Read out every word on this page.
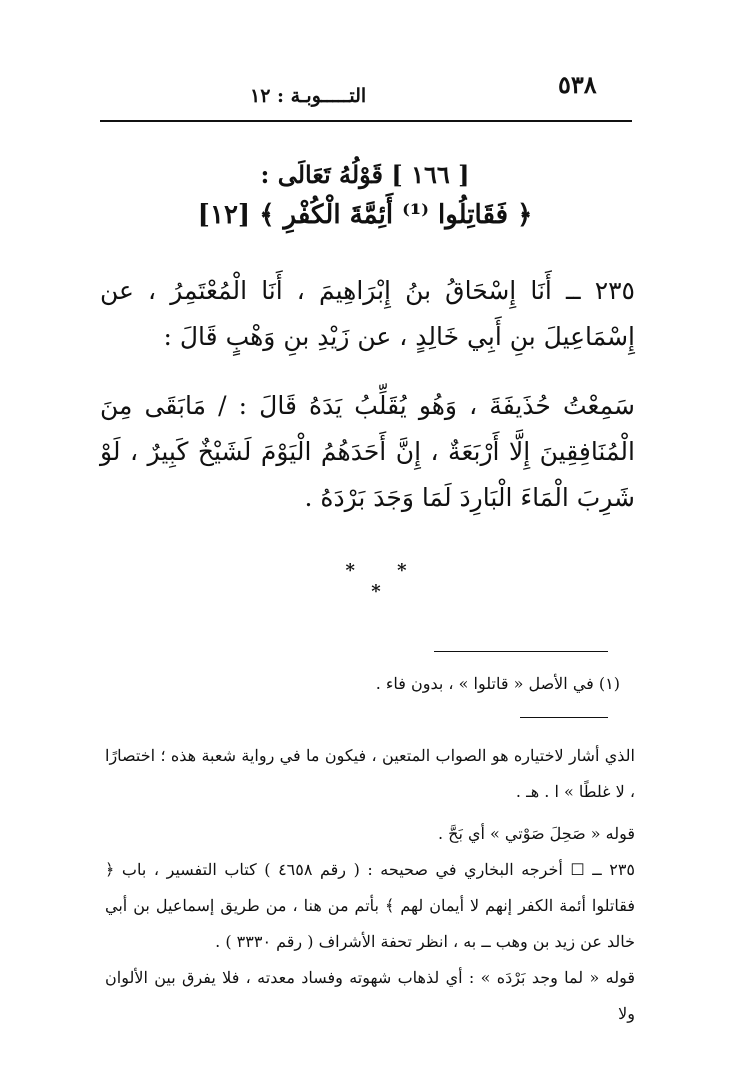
٥٣٨
التـــــوبـة : ١٢
[ ١٦٦ ] قَوْلُهُ تَعَالَى :
﴿ فَقَاتِلُوا ⁽¹⁾ أَئِمَّةَ الْكُفْرِ ﴾ [١٢]
٢٣٥ ــ أَنَا إِسْحَاقُ بنُ إِبْرَاهِيمَ ، أَنَا الْمُعْتَمِرُ ، عن إِسْمَاعِيلَ بنِ أَبِي خَالِدٍ ، عن زَيْدِ بنِ وَهْبٍ قَالَ :
سَمِعْتُ حُذَيفَةَ ، وَهُو يُقَلِّبُ يَدَهُ قَالَ : / مَابَقَى مِنَ الْمُنَافِقِينَ إِلَّا أَرْبَعَةٌ ، إِنَّ أَحَدَهُمُ الْيَوْمَ لَشَيْخٌ كَبِيرٌ ، لَوْ شَرِبَ الْمَاءَ الْبَارِدَ لَمَا وَجَدَ بَرْدَهُ .
* * *
(١) في الأصل « قاتلوا » ، بدون فاء .
الذي أشار لاختياره هو الصواب المتعين ، فيكون ما في رواية شعبة هذه ؛ اختصارًا ، لا غلطًا » ا . هـ .
قوله « صَحِلَ صَوْتي » أي بَحَّ .
٢٣٥ ــ ☐ أخرجه البخاري في صحيحه : ( رقم ٤٦٥٨ ) كتاب التفسير ، باب ﴿ فقاتلوا أئمة الكفر إنهم لا أيمان لهم ﴾ بأتم من هنا ، من طريق إسماعيل بن أبي خالد عن زيد بن وهب ــ به ، انظر تحفة الأشراف ( رقم ٣٣٣٠ ) .
قوله « لما وجد بَرْدَه » : أي لذهاب شهوته وفساد معدته ، فلا يفرق بين الألوان ولا
